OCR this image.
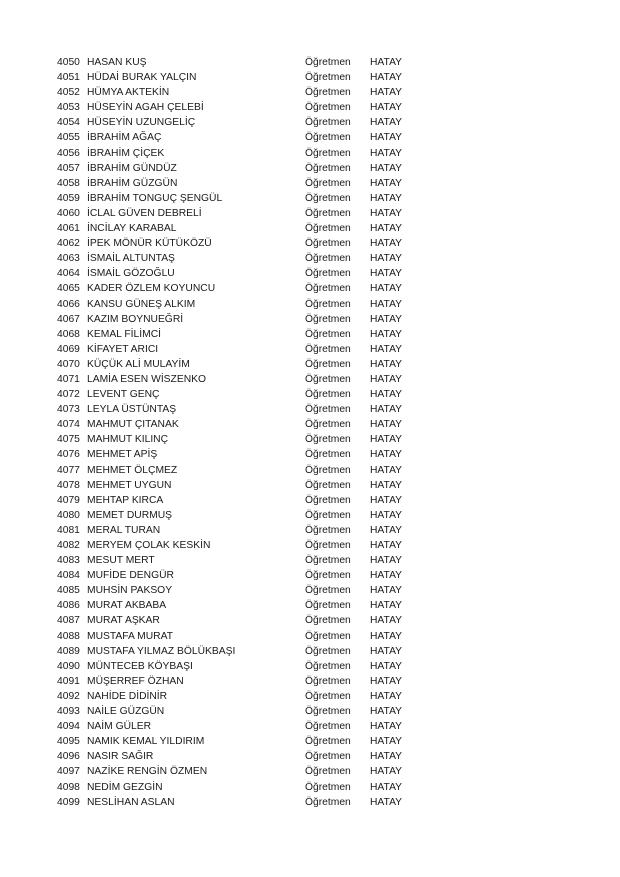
4050 HASAN KUŞ	Öğretmen HATAY
4051 HÜDAİ BURAK YALÇIN	Öğretmen HATAY
4052 HÜMYA AKTEKİN	Öğretmen HATAY
4053 HÜSEYİN AGAH ÇELEBİ	Öğretmen HATAY
4054 HÜSEYİN UZUNGELİÇ	Öğretmen HATAY
4055 İBRAHİM AĞAÇ	Öğretmen HATAY
4056 İBRAHİM ÇİÇEK	Öğretmen HATAY
4057 İBRAHİM GÜNDÜZ	Öğretmen HATAY
4058 İBRAHİM GÜZGÜN	Öğretmen HATAY
4059 İBRAHİM TONGUÇ ŞENGÜL	Öğretmen HATAY
4060 İCLAL GÜVEN DEBRELİ	Öğretmen HATAY
4061 İNCİLAY KARABAL	Öğretmen HATAY
4062 İPEK MÖNÜR KÜTÜKÖZÜ	Öğretmen HATAY
4063 İSMAİL ALTUNTAŞ	Öğretmen HATAY
4064 İSMAİL GÖZOĞLU	Öğretmen HATAY
4065 KADER ÖZLEM KOYUNCU	Öğretmen HATAY
4066 KANSU GÜNEŞ ALKIM	Öğretmen HATAY
4067 KAZIM BOYNUEĞRİ	Öğretmen HATAY
4068 KEMAL FİLİMCİ	Öğretmen HATAY
4069 KİFAYET ARICI	Öğretmen HATAY
4070 KÜÇÜK ALİ MULAYİM	Öğretmen HATAY
4071 LAMİA ESEN WİSZENKO	Öğretmen HATAY
4072 LEVENT GENÇ	Öğretmen HATAY
4073 LEYLA ÜSTÜNTAŞ	Öğretmen HATAY
4074 MAHMUT ÇITANAK	Öğretmen HATAY
4075 MAHMUT KILINÇ	Öğretmen HATAY
4076 MEHMET APİŞ	Öğretmen HATAY
4077 MEHMET ÖLÇMEZ	Öğretmen HATAY
4078 MEHMET UYGUN	Öğretmen HATAY
4079 MEHTAP KIRCA	Öğretmen HATAY
4080 MEMET DURMUŞ	Öğretmen HATAY
4081 MERAL TURAN	Öğretmen HATAY
4082 MERYEM ÇOLAK KESKİN	Öğretmen HATAY
4083 MESUT MERT	Öğretmen HATAY
4084 MUFİDE DENGÜR	Öğretmen HATAY
4085 MUHSİN PAKSOY	Öğretmen HATAY
4086 MURAT AKBABA	Öğretmen HATAY
4087 MURAT AŞKAR	Öğretmen HATAY
4088 MUSTAFA MURAT	Öğretmen HATAY
4089 MUSTAFA YILMAZ BÖLÜKBAŞI	Öğretmen HATAY
4090 MÜNTECEB KÖYBAŞI	Öğretmen HATAY
4091 MÜŞERREF ÖZHAN	Öğretmen HATAY
4092 NAHİDE DİDİNİR	Öğretmen HATAY
4093 NAİLE GÜZGÜN	Öğretmen HATAY
4094 NAİM GÜLER	Öğretmen HATAY
4095 NAMIK KEMAL YILDIRIM	Öğretmen HATAY
4096 NASIR SAĞIR	Öğretmen HATAY
4097 NAZİKE RENGİN ÖZMEN	Öğretmen HATAY
4098 NEDİM GEZGİN	Öğretmen HATAY
4099 NESLİHAN ASLAN	Öğretmen HATAY
